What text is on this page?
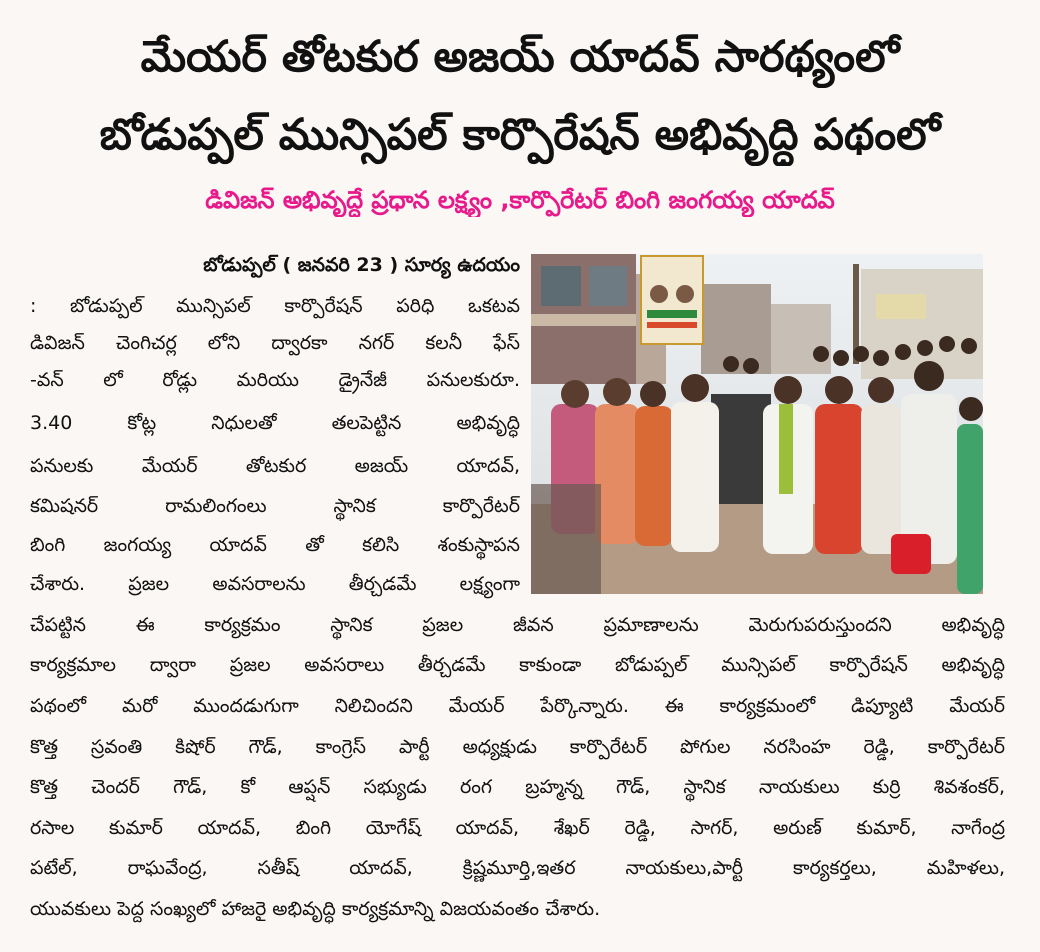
మేయర్ తోటకుర అజయ్ యాదవ్ సారథ్యంలో
బోడుప్పల్ మున్సిపల్ కార్పొరేషన్ అభివృద్ధి పథంలో
డివిజన్ అభివృద్దే ప్రధాన లక్ష్యం ,కార్పొరేటర్ బింగి జంగయ్య యాదవ్
బోడుప్పల్ ( జనవరి 23 ) సూర్య ఉదయం
: బోడుప్పల్ మున్సిపల్ కార్పొరేషన్ పరిధి ఒకటవ
డివిజన్ చెంగిచర్ల లోని ద్వారకా నగర్ కలనీ ఫేస్
-వన్ లో రోడ్లు మరియు డ్రైనేజీ పనులకురూ.
3.40 కోట్ల నిధులతో తలపెట్టిన అభివృద్ధి
పనులకు మేయర్ తోటకుర అజయ్ యాదవ్,
కమిషనర్ రామలింగంలు స్థానిక కార్పొరేటర్
బింగి జంగయ్య యాదవ్ తో కలిసి శంకుస్థాపన
చేశారు. ప్రజల అవసరాలను తీర్చడమే లక్ష్యంగా
చేపట్టిన ఈ కార్యక్రమం స్థానిక ప్రజల జీవన ప్రమాణాలను మెరుగుపరుస్తుందని అభివృద్ధి
కార్యక్రమాల ద్వారా ప్రజల అవసరాలు తీర్చడమే కాకుండా బోడుప్పల్ మున్సిపల్ కార్పొరేషన్ అభివృద్ధి
పథంలో మరో ముందడుగుగా నిలిచిందని మేయర్ పేర్కొన్నారు. ఈ కార్యక్రమంలో డిప్యూటి మేయర్
కొత్త స్రవంతి కిషోర్ గౌడ్, కాంగ్రెస్ పార్టీ అధ్యక్షుడు కార్పొరేటర్ పోగుల నరసింహ రెడ్డి, కార్పొరేటర్
కొత్త చెందర్ గౌడ్, కో ఆప్షన్ సభ్యుడు రంగ బ్రహ్మన్న గౌడ్, స్థానిక నాయకులు కుర్రి శివశంకర్,
రసాల కుమార్ యాదవ్, బింగి యోగేష్ యాదవ్, శేఖర్ రెడ్డి, సాగర్, అరుణ్ కుమార్, నాగేంద్ర
పటేల్, రాఘవేంద్ర, సతీష్ యాదవ్, క్రిష్ణమూర్తి,ఇతర నాయకులు,పార్టీ కార్యకర్తలు, మహిళలు,
యువకులు పెద్ద సంఖ్యలో హాజరై అభివృద్ధి కార్యక్రమాన్ని విజయవంతం చేశారు.
